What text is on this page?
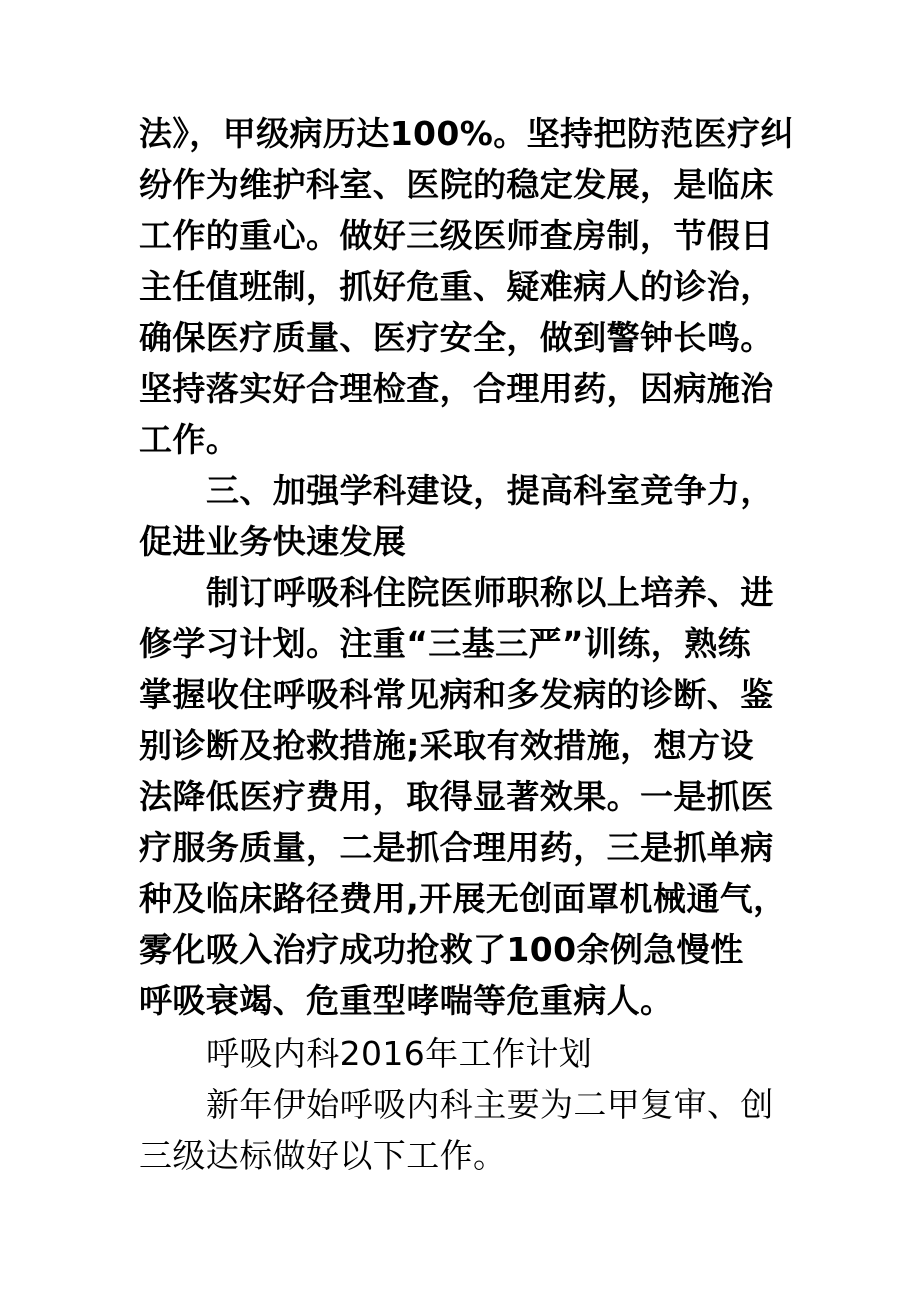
法》，甲级病历达100%。坚持把防范医疗纠
纷作为维护科室、医院的稳定发展，是临床
工作的重心。做好三级医师查房制，节假日
主任值班制，抓好危重、疑难病人的诊治，
确保医疗质量、医疗安全，做到警钟长鸣。
坚持落实好合理检查，合理用药，因病施治
工作。
三、加强学科建设，提高科室竞争力，
促进业务快速发展
制订呼吸科住院医师职称以上培养、进
修学习计划。注重“三基三严”训练，熟练
掌握收住呼吸科常见病和多发病的诊断、鉴
别诊断及抢救措施;采取有效措施，想方设
法降低医疗费用，取得显著效果。一是抓医
疗服务质量，二是抓合理用药，三是抓单病
种及临床路径费用,开展无创面罩机械通气，
雾化吸入治疗成功抢救了100余例急慢性
呼吸衰竭、危重型哮喘等危重病人。
呼吸内科2016年工作计划
新年伊始呼吸内科主要为二甲复审、创
三级达标做好以下工作。
